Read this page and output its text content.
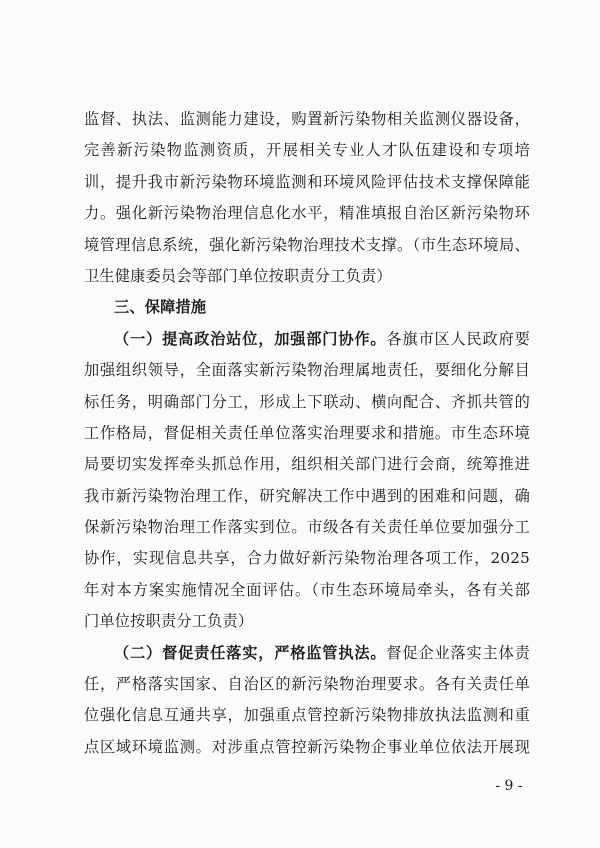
监督、执法、监测能力建设，购置新污染物相关监测仪器设备，
完善新污染物监测资质，开展相关专业人才队伍建设和专项培
训，提升我市新污染物环境监测和环境风险评估技术支撑保障能
力。强化新污染物治理信息化水平，精准填报自治区新污染物环
境管理信息系统，强化新污染物治理技术支撑。（市生态环境局、
卫生健康委员会等部门单位按职责分工负责）
三、保障措施
（一）提高政治站位，加强部门协作。各旗市区人民政府要
加强组织领导，全面落实新污染物治理属地责任，要细化分解目
标任务，明确部门分工，形成上下联动、横向配合、齐抓共管的
工作格局，督促相关责任单位落实治理要求和措施。市生态环境
局要切实发挥牵头抓总作用，组织相关部门进行会商，统筹推进
我市新污染物治理工作，研究解决工作中遇到的困难和问题，确
保新污染物治理工作落实到位。市级各有关责任单位要加强分工
协作，实现信息共享，合力做好新污染物治理各项工作，2025
年对本方案实施情况全面评估。（市生态环境局牵头，各有关部
门单位按职责分工负责）
（二）督促责任落实，严格监管执法。督促企业落实主体责
任，严格落实国家、自治区的新污染物治理要求。各有关责任单
位强化信息互通共享，加强重点管控新污染物排放执法监测和重
点区域环境监测。对涉重点管控新污染物企事业单位依法开展现
- 9 -
